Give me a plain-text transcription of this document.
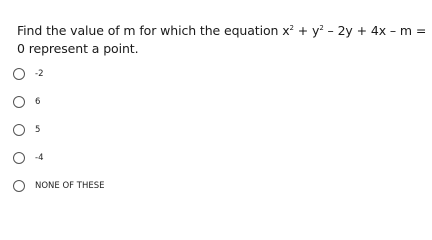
Find the value of m for which the equation $x^2 + y^2 - 2y + 4x - m = 0$ represent a point.
-2
6
5
-4
NONE OF THESE
